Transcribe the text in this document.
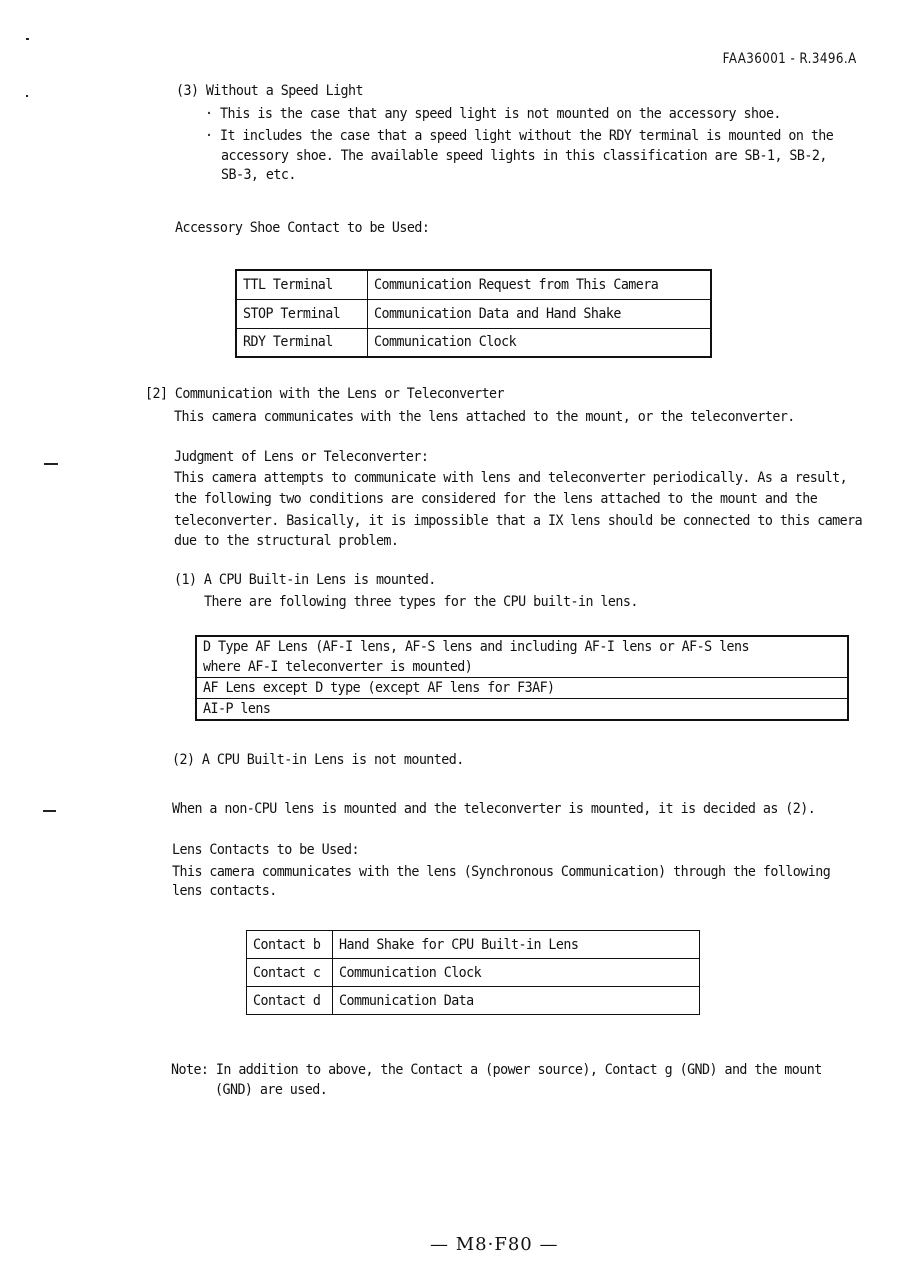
FAA36001 - R.3496.A
(3) Without a Speed Light
· This is the case that any speed light is not mounted on the accessory shoe.
· It includes the case that a speed light without the RDY terminal is mounted on the
accessory shoe. The available speed lights in this classification are SB-1, SB-2,
SB-3, etc.
Accessory Shoe Contact to be Used:
TTL Terminal	Communication Request from This Camera
STOP Terminal	Communication Data and Hand Shake
RDY Terminal	Communication Clock
[2] Communication with the Lens or Teleconverter
This camera communicates with the lens attached to the mount, or the teleconverter.
Judgment of Lens or Teleconverter:
This camera attempts to communicate with lens and teleconverter periodically. As a result,
the following two conditions are considered for the lens attached to the mount and the
teleconverter. Basically, it is impossible that a IX lens should be connected to this camera
due to the structural problem.
(1) A CPU Built-in Lens is mounted.
There are following three types for the CPU built-in lens.
D Type AF Lens (AF-I lens, AF-S lens and including AF-I lens or AF-S lens
where AF-I teleconverter is mounted)

AF Lens except D type (except AF lens for F3AF)
AI-P lens
(2) A CPU Built-in Lens is not mounted.
When a non-CPU lens is mounted and the teleconverter is mounted, it is decided as (2).
Lens Contacts to be Used:
This camera communicates with the lens (Synchronous Communication) through the following
lens contacts.
Contact b	Hand Shake for CPU Built-in Lens
Contact c	Communication Clock
Contact d	Communication Data
Note: In addition to above, the Contact a (power source), Contact g (GND) and the mount
(GND) are used.
— M8·F80 —
